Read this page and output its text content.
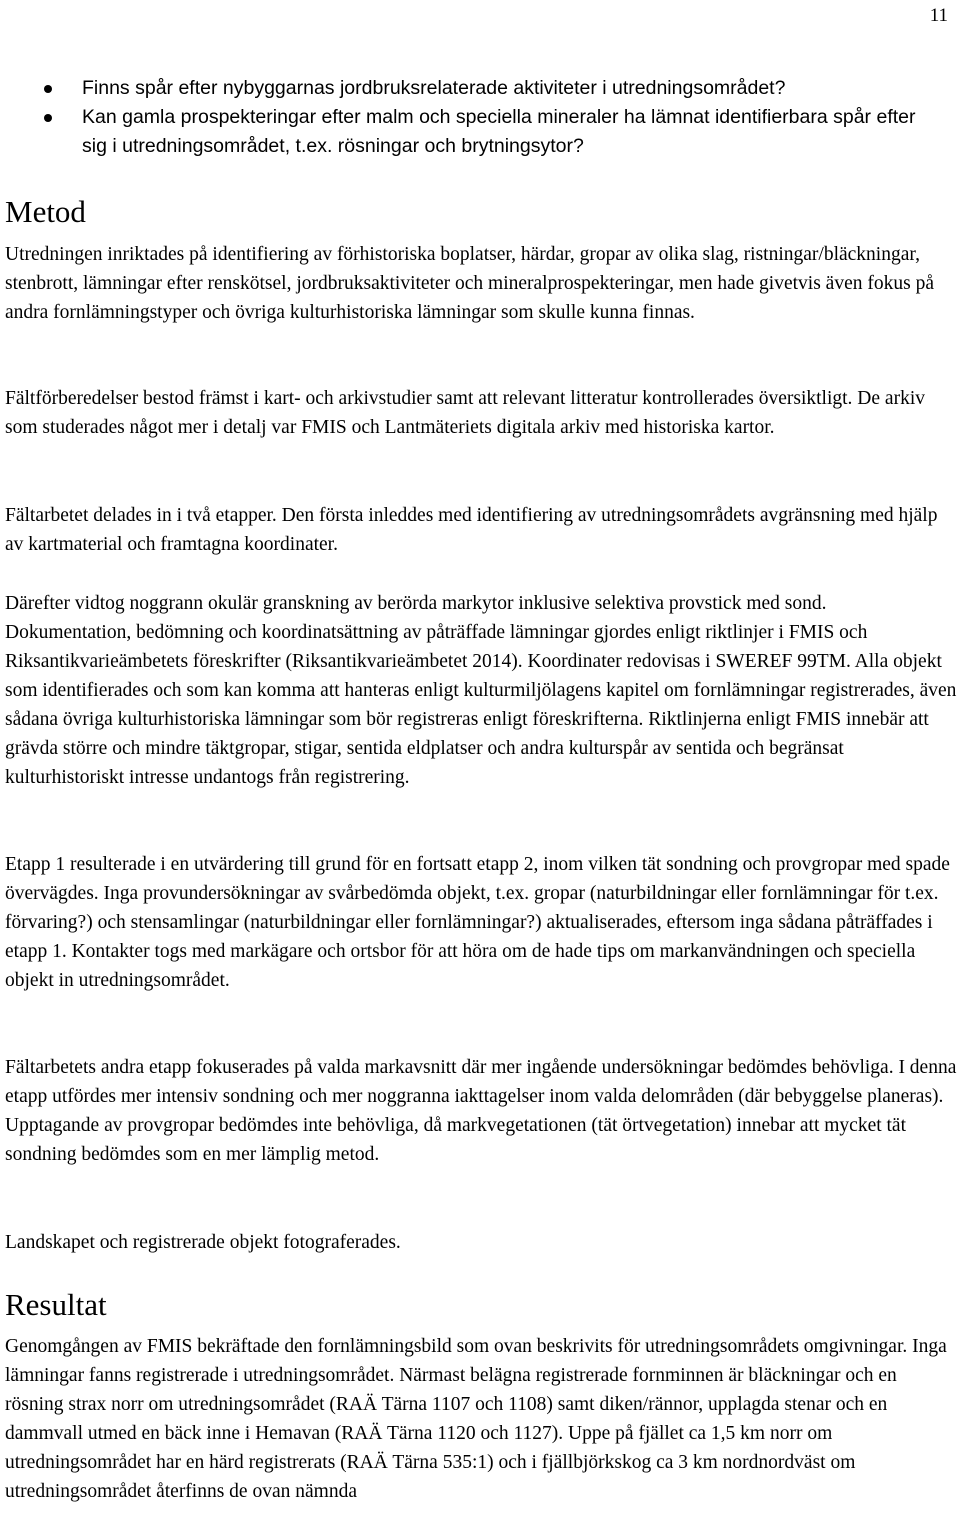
11
Finns spår efter nybyggarnas jordbruksrelaterade aktiviteter i utredningsområdet?
Kan gamla prospekteringar efter malm och speciella mineraler ha lämnat identifierbara spår efter sig i utredningsområdet, t.ex. rösningar och brytningsytor?
Metod

Utredningen inriktades på identifiering av förhistoriska boplatser, härdar, gropar av olika slag, ristningar/bläckningar, stenbrott, lämningar efter renskötsel, jordbruksaktiviteter och mineralprospekteringar, men hade givetvis även fokus på andra fornlämningstyper och övriga kulturhistoriska lämningar som skulle kunna finnas.

Fältförberedelser bestod främst i kart- och arkivstudier samt att relevant litteratur kontrollerades översiktligt. De arkiv som studerades något mer i detalj var FMIS och Lantmäteriets digitala arkiv med historiska kartor.

Fältarbetet delades in i två etapper. Den första inleddes med identifiering av utredningsområdets avgränsning med hjälp av kartmaterial och framtagna koordinater.

Därefter vidtog noggrann okulär granskning av berörda markytor inklusive selektiva provstick med sond. Dokumentation, bedömning och koordinatsättning av påträffade lämningar gjordes enligt riktlinjer i FMIS och Riksantikvarieämbetets föreskrifter (Riksantikvarieämbetet 2014). Koordinater redovisas i SWEREF 99TM. Alla objekt som identifierades och som kan komma att hanteras enligt kulturmiljölagens kapitel om fornlämningar registrerades, även sådana övriga kulturhistoriska lämningar som bör registreras enligt föreskrifterna. Riktlinjerna enligt FMIS innebär att grävda större och mindre täktgropar, stigar, sentida eldplatser och andra kulturspår av sentida och begränsat kulturhistoriskt intresse undantogs från registrering.

Etapp 1 resulterade i en utvärdering till grund för en fortsatt etapp 2, inom vilken tät sondning och provgropar med spade övervägdes. Inga provundersökningar av svårbedömda objekt, t.ex. gropar (naturbildningar eller fornlämningar för t.ex. förvaring?) och stensamlingar (naturbildningar eller fornlämningar?) aktualiserades, eftersom inga sådana påträffades i etapp 1. Kontakter togs med markägare och ortsbor för att höra om de hade tips om markanvändningen och speciella objekt in utredningsområdet.

Fältarbetets andra etapp fokuserades på valda markavsnitt där mer ingående undersökningar bedömdes behövliga. I denna etapp utfördes mer intensiv sondning och mer noggranna iakttagelser inom valda delområden (där bebyggelse planeras). Upptagande av provgropar bedömdes inte behövliga, då markvegetationen (tät örtvegetation) innebar att mycket tät sondning bedömdes som en mer lämplig metod.

Landskapet och registrerade objekt fotograferades.

Resultat

Genomgången av FMIS bekräftade den fornlämningsbild som ovan beskrivits för utredningsområdets omgivningar. Inga lämningar fanns registrerade i utredningsområdet. Närmast belägna registrerade fornminnen är bläckningar och en rösning strax norr om utredningsområdet (RAÄ Tärna 1107 och 1108) samt diken/rännor, upplagda stenar och en dammvall utmed en bäck inne i Hemavan (RAÄ Tärna 1120 och 1127). Uppe på fjället ca 1,5 km norr om utredningsområdet har en härd registrerats (RAÄ Tärna 535:1) och i fjällbjörkskog ca 3 km nordnordväst om utredningsområdet återfinns de ovan nämnda
